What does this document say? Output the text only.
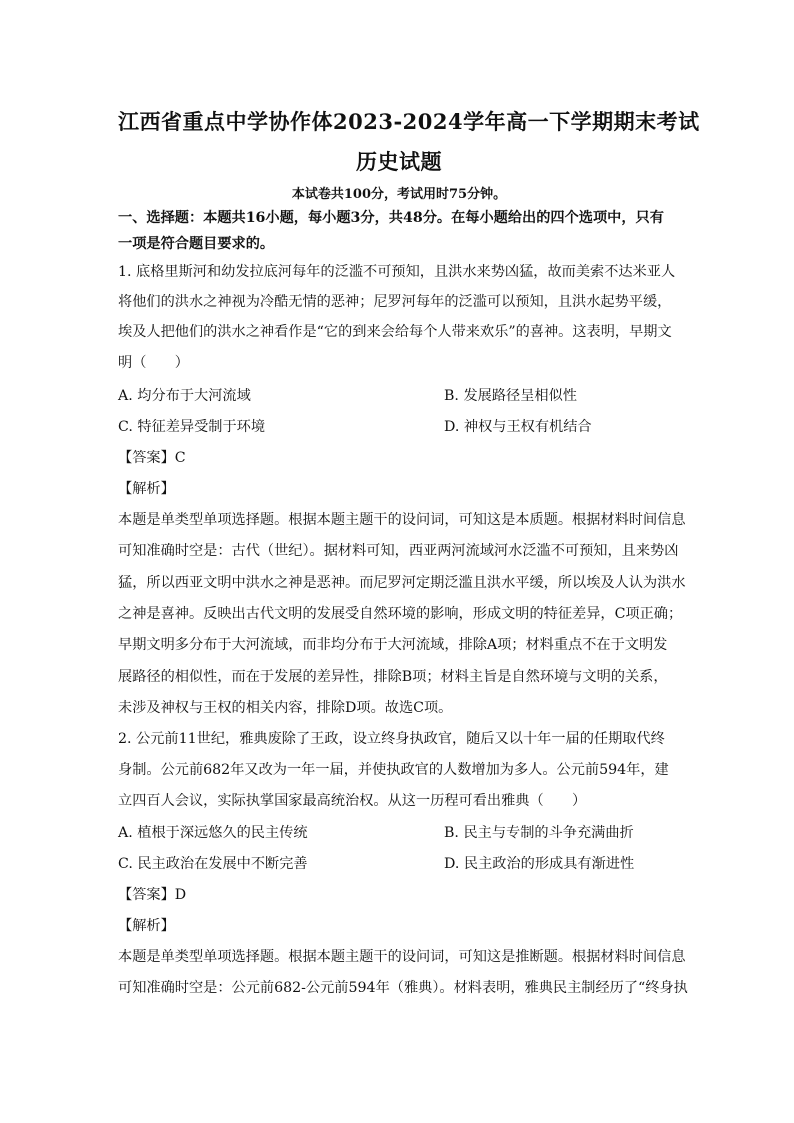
江西省重点中学协作体2023-2024学年高一下学期期末考试
历史试题
本试卷共100分，考试用时75分钟。
一、选择题：本题共16小题，每小题3分，共48分。在每小题给出的四个选项中，只有
一项是符合题目要求的。
1. 底格里斯河和幼发拉底河每年的泛滥不可预知，且洪水来势凶猛，故而美索不达米亚人
将他们的洪水之神视为冷酷无情的恶神；尼罗河每年的泛滥可以预知，且洪水起势平缓，
埃及人把他们的洪水之神看作是“它的到来会给每个人带来欢乐”的喜神。这表明，早期文
明（　　）
A. 均分布于大河流域	B. 发展路径呈相似性
C. 特征差异受制于环境	D. 神权与王权有机结合
【答案】C
【解析】
本题是单类型单项选择题。根据本题主题干的设问词，可知这是本质题。根据材料时间信息
可知准确时空是：古代（世纪）。据材料可知，西亚两河流域河水泛滥不可预知，且来势凶
猛，所以西亚文明中洪水之神是恶神。而尼罗河定期泛滥且洪水平缓，所以埃及人认为洪水
之神是喜神。反映出古代文明的发展受自然环境的影响，形成文明的特征差异，C项正确；
早期文明多分布于大河流域，而非均分布于大河流域，排除A项；材料重点不在于文明发
展路径的相似性，而在于发展的差异性，排除B项；材料主旨是自然环境与文明的关系，
未涉及神权与王权的相关内容，排除D项。故选C项。
2. 公元前11世纪，雅典废除了王政，设立终身执政官，随后又以十年一届的任期取代终
身制。公元前682年又改为一年一届，并使执政官的人数增加为多人。公元前594年，建
立四百人会议，实际执掌国家最高统治权。从这一历程可看出雅典（　　）
A. 植根于深远悠久的民主传统	B. 民主与专制的斗争充满曲折
C. 民主政治在发展中不断完善	D. 民主政治的形成具有渐进性
【答案】D
【解析】
本题是单类型单项选择题。根据本题主题干的设问词，可知这是推断题。根据材料时间信息
可知准确时空是：公元前682-公元前594年（雅典）。材料表明，雅典民主制经历了“终身执
